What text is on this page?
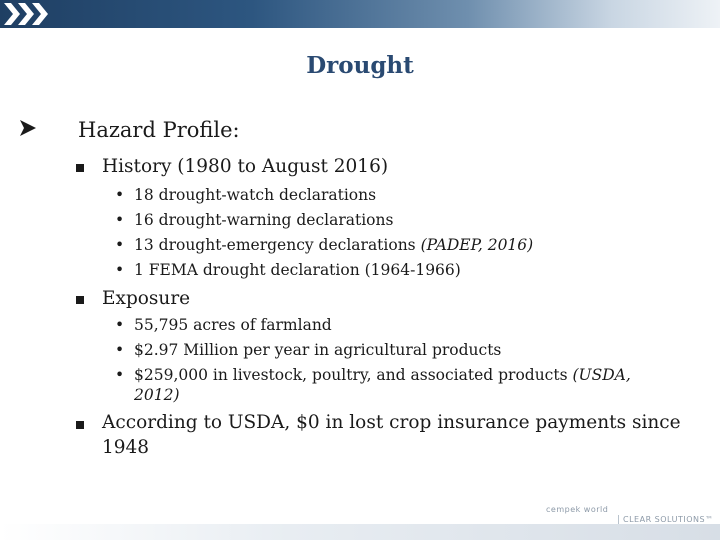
Drought
Hazard Profile:
History (1980 to August 2016)
• 18 drought-watch declarations
• 16 drought-warning declarations
• 13 drought-emergency declarations (PADEP, 2016)
• 1 FEMA drought declaration (1964-1966)
Exposure
• 55,795 acres of farmland
• $2.97 Million per year in agricultural products
• $259,000 in livestock, poultry, and associated products (USDA,
2012)
According to USDA, $0 in lost crop insurance payments since
1948
cempek world
CLEAR SOLUTIONS™
